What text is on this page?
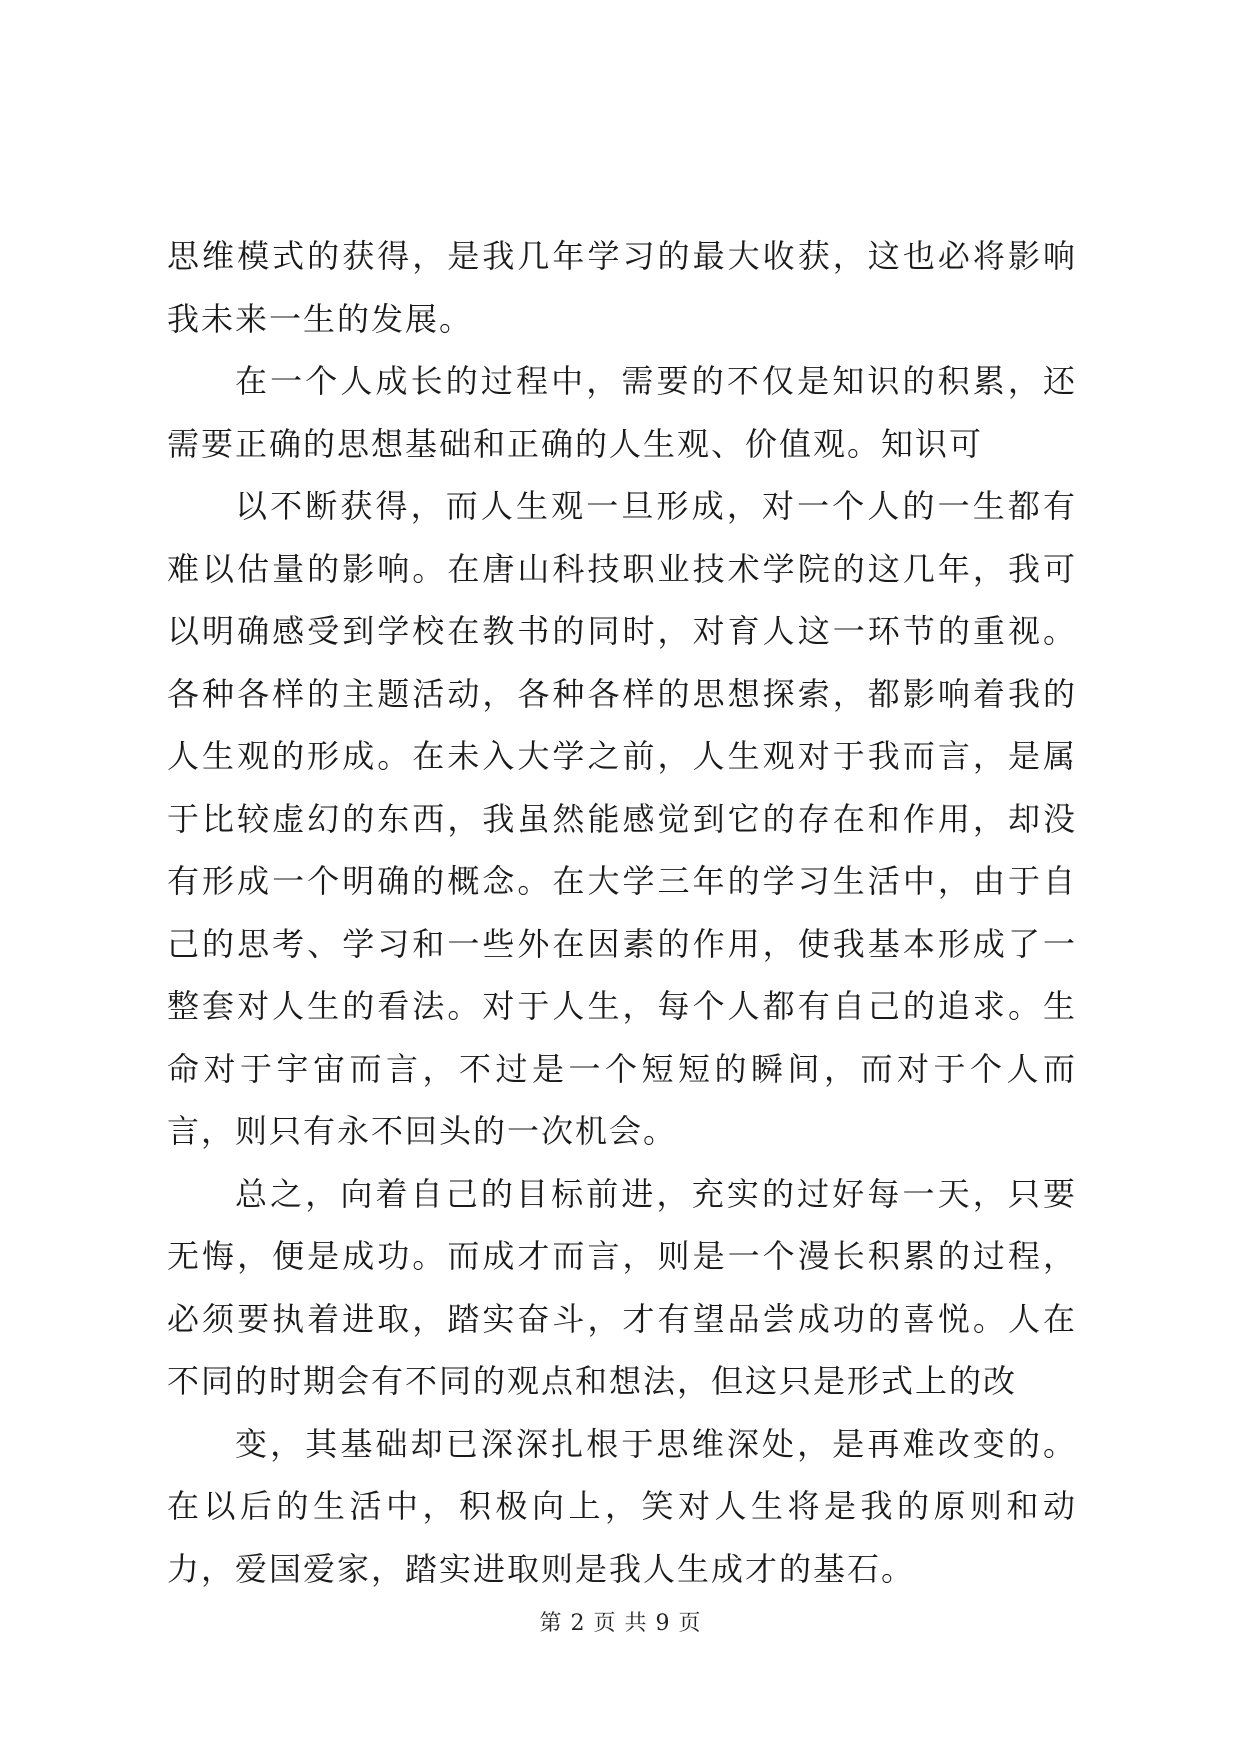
思维模式的获得，是我几年学习的最大收获，这也必将影响我未来一生的发展。

在一个人成长的过程中，需要的不仅是知识的积累，还需要正确的思想基础和正确的人生观、价值观。知识可

以不断获得，而人生观一旦形成，对一个人的一生都有难以估量的影响。在唐山科技职业技术学院的这几年，我可以明确感受到学校在教书的同时，对育人这一环节的重视。各种各样的主题活动，各种各样的思想探索，都影响着我的人生观的形成。在未入大学之前，人生观对于我而言，是属于比较虚幻的东西，我虽然能感觉到它的存在和作用，却没有形成一个明确的概念。在大学三年的学习生活中，由于自己的思考、学习和一些外在因素的作用，使我基本形成了一整套对人生的看法。对于人生，每个人都有自己的追求。生命对于宇宙而言，不过是一个短短的瞬间，而对于个人而言，则只有永不回头的一次机会。

总之，向着自己的目标前进，充实的过好每一天，只要无悔，便是成功。而成才而言，则是一个漫长积累的过程，必须要执着进取，踏实奋斗，才有望品尝成功的喜悦。人在不同的时期会有不同的观点和想法，但这只是形式上的改

变，其基础却已深深扎根于思维深处，是再难改变的。在以后的生活中，积极向上，笑对人生将是我的原则和动力，爱国爱家，踏实进取则是我人生成才的基石。

第 2 页 共 9 页
